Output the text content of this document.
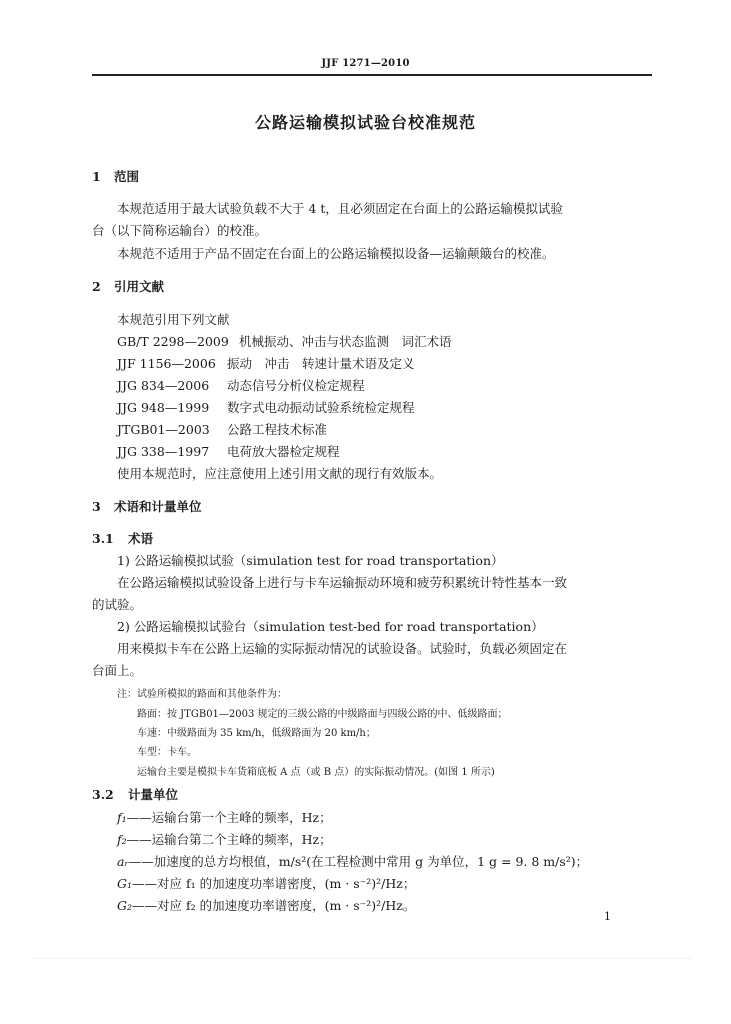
JJF 1271—2010
公路运输模拟试验台校准规范
1 范围
本规范适用于最大试验负载不大于 4 t，且必须固定在台面上的公路运输模拟试验
台（以下简称运输台）的校准。
本规范不适用于产品不固定在台面上的公路运输模拟设备—运输颠簸台的校准。
2 引用文献
本规范引用下列文献
GB/T 2298—2009 机械振动、冲击与状态监测　词汇术语
JJF 1156—2006 振动　冲击　转速计量术语及定义
JJG 834—2006 动态信号分析仪检定规程
JJG 948—1999 数字式电动振动试验系统检定规程
JTGB01—2003 公路工程技术标准
JJG 338—1997 电荷放大器检定规程
使用本规范时，应注意使用上述引用文献的现行有效版本。
3 术语和计量单位
3.1 术语
1) 公路运输模拟试验（simulation test for road transportation）
在公路运输模拟试验设备上进行与卡车运输振动环境和疲劳积累统计特性基本一致
的试验。
2) 公路运输模拟试验台（simulation test-bed for road transportation）
用来模拟卡车在公路上运输的实际振动情况的试验设备。试验时，负载必须固定在
台面上。
注：试验所模拟的路面和其他条件为：
路面：按 JTGB01—2003 规定的三级公路的中级路面与四级公路的中、低级路面；
车速：中级路面为 35 km/h，低级路面为 20 km/h；
车型：卡车。
运输台主要是模拟卡车货箱底板 A 点（或 B 点）的实际振动情况。(如图 1 所示)
3.2 计量单位
f₁——运输台第一个主峰的频率，Hz；
f₂——运输台第二个主峰的频率，Hz；
aᵣ——加速度的总方均根值，m/s²(在工程检测中常用 g 为单位，1 g = 9. 8 m/s²)；
G₁——对应 f₁ 的加速度功率谱密度，(m · s⁻²)²/Hz；
G₂——对应 f₂ 的加速度功率谱密度，(m · s⁻²)²/Hz。
1
